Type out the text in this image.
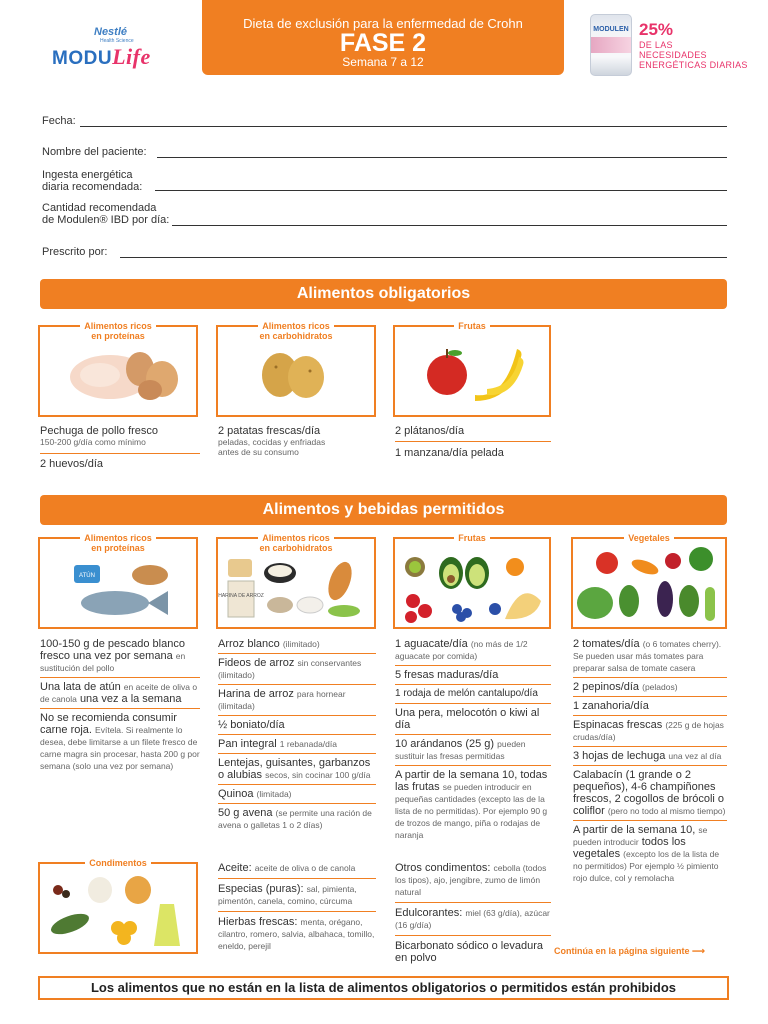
Nestlé
Health Science
MODULife
Dieta de exclusión para la enfermedad de Crohn
FASE 2
Semana 7 a 12
MODULEN 25%
DE LAS
NECESIDADES
ENERGÉTICAS DIARIAS
Fecha:
Nombre del paciente:
Ingesta energética
diaria recomendada:
Cantidad recomendada
de Modulen® IBD por día:
Prescrito por:
Alimentos obligatorios
Alimentos ricos
en proteínas
Alimentos ricos
en carbohidratos
Frutas
Pechuga de pollo fresco
150-200 g/día como mínimo
2 huevos/día
2 patatas frescas/día
peladas, cocidas y enfriadas
antes de su consumo
2 plátanos/día
1 manzana/día pelada
Alimentos y bebidas permitidos
Alimentos ricos
en proteínas
ATÚN
Alimentos ricos
en carbohidratos
HARINA DE ARROZ
Frutas	Vegetales
100-150 g de pescado blanco fresco una vez por semana en sustitución del pollo
Una lata de atún en aceite de oliva o de canola una vez a la semana
No se recomienda consumir carne roja. Evítela. Si realmente lo desea, debe limitarse a un filete fresco de carne magra sin procesar, hasta 200 g por semana (solo una vez por semana)
Arroz blanco (ilimitado)
Fideos de arroz sin conservantes (ilimitado)
Harina de arroz para hornear (ilimitada)
½ boniato/día
Pan integral 1 rebanada/día
Lentejas, guisantes, garbanzos o alubias secos, sin cocinar 100 g/día
Quinoa (limitada)
50 g avena (se permite una ración de avena o galletas 1 o 2 días)
1 aguacate/día (no más de 1/2 aguacate por comida)
5 fresas maduras/día
1 rodaja de melón cantalupo/día
Una pera, melocotón o kiwi al día
10 arándanos (25 g) pueden sustituir las fresas permitidas
A partir de la semana 10, todas las frutas se pueden introducir en pequeñas cantidades (excepto las de la lista de no permitidas). Por ejemplo 90 g de trozos de mango, piña o rodajas de naranja
2 tomates/día (o 6 tomates cherry). Se pueden usar más tomates para preparar salsa de tomate casera
2 pepinos/día (pelados)
1 zanahoria/día
Espinacas frescas (225 g de hojas crudas/día)
3 hojas de lechuga una vez al día
Calabacín (1 grande o 2 pequeños), 4-6 champiñones frescos, 2 cogollos de brócoli o coliflor (pero no todo al mismo tiempo)
A partir de la semana 10, se pueden introducir todos los vegetales (excepto los de la lista de no permitidos) Por ejemplo ½ pimiento rojo dulce, col y remolacha
Condimentos	Aceite: aceite de oliva o de canola
Especias (puras): sal, pimienta, pimentón, canela, comino, cúrcuma
Hierbas frescas: menta, orégano, cilantro, romero, salvia, albahaca, tomillo, eneldo, perejil
Otros condimentos: cebolla (todos los tipos), ajo, jengibre, zumo de limón natural
Edulcorantes: miel (63 g/día), azúcar (16 g/día)
Bicarbonato sódico o levadura en polvo
Continúa en la página siguiente ⟶
Los alimentos que no están en la lista de alimentos obligatorios o permitidos están prohibidos
